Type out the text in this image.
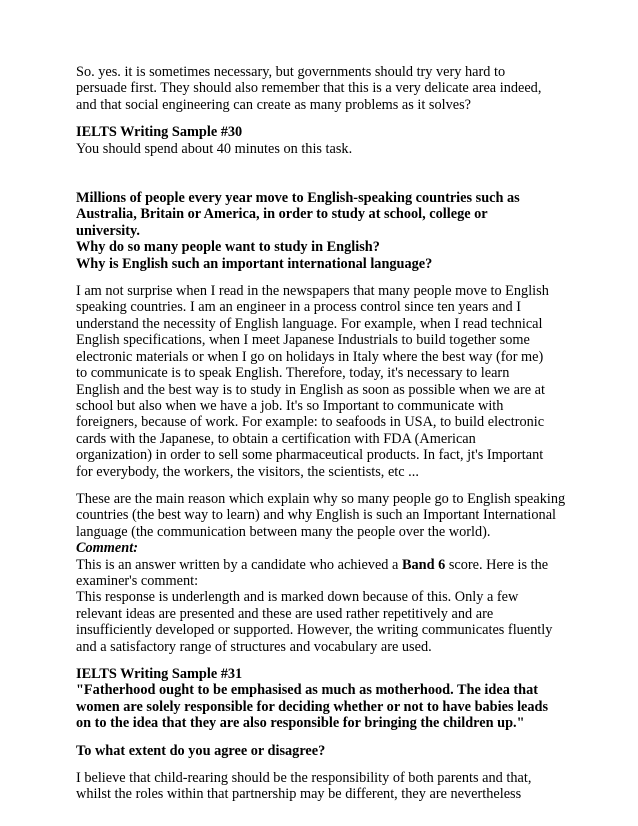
So. yes. it is sometimes necessary, but governments should try very hard to
persuade first. They should also remember that this is a very delicate area indeed,
and that social engineering can create as many problems as it solves?

IELTS Writing Sample #30
You should spend about 40 minutes on this task.

Millions of people every year move to English-speaking countries such as
Australia, Britain or America, in order to study at school, college or
university.
Why do so many people want to study in English?
Why is English such an important international language?

I am not surprise when I read in the newspapers that many people move to English
speaking countries. I am an engineer in a process control since ten years and I
understand the necessity of English language. For example, when I read technical
English specifications, when I meet Japanese Industrials to build together some
electronic materials or when I go on holidays in Italy where the best way (for me)
to communicate is to speak English. Therefore, today, it's necessary to learn
English and the best way is to study in English as soon as possible when we are at
school but also when we have a job. It's so Important to communicate with
foreigners, because of work. For example: to seafoods in USA, to build electronic
cards with the Japanese, to obtain a certification with FDA (American
organization) in order to sell some pharmaceutical products. In fact, jt's Important
for everybody, the workers, the visitors, the scientists, etc ...

These are the main reason which explain why so many people go to English speaking
countries (the best way to learn) and why English is such an Important International
language (the communication between many the people over the world).

Comment:
This is an answer written by a candidate who achieved a Band 6 score. Here is the
examiner's comment:
This response is underlength and is marked down because of this. Only a few
relevant ideas are presented and these are used rather repetitively and are
insufficiently developed or supported. However, the writing communicates fluently
and a satisfactory range of structures and vocabulary are used.

IELTS Writing Sample #31
"Fatherhood ought to be emphasised as much as motherhood. The idea that
women are solely responsible for deciding whether or not to have babies leads
on to the idea that they are also responsible for bringing the children up."

To what extent do you agree or disagree?

I believe that child-rearing should be the responsibility of both parents and that,
whilst the roles within that partnership may be different, they are nevertheless
